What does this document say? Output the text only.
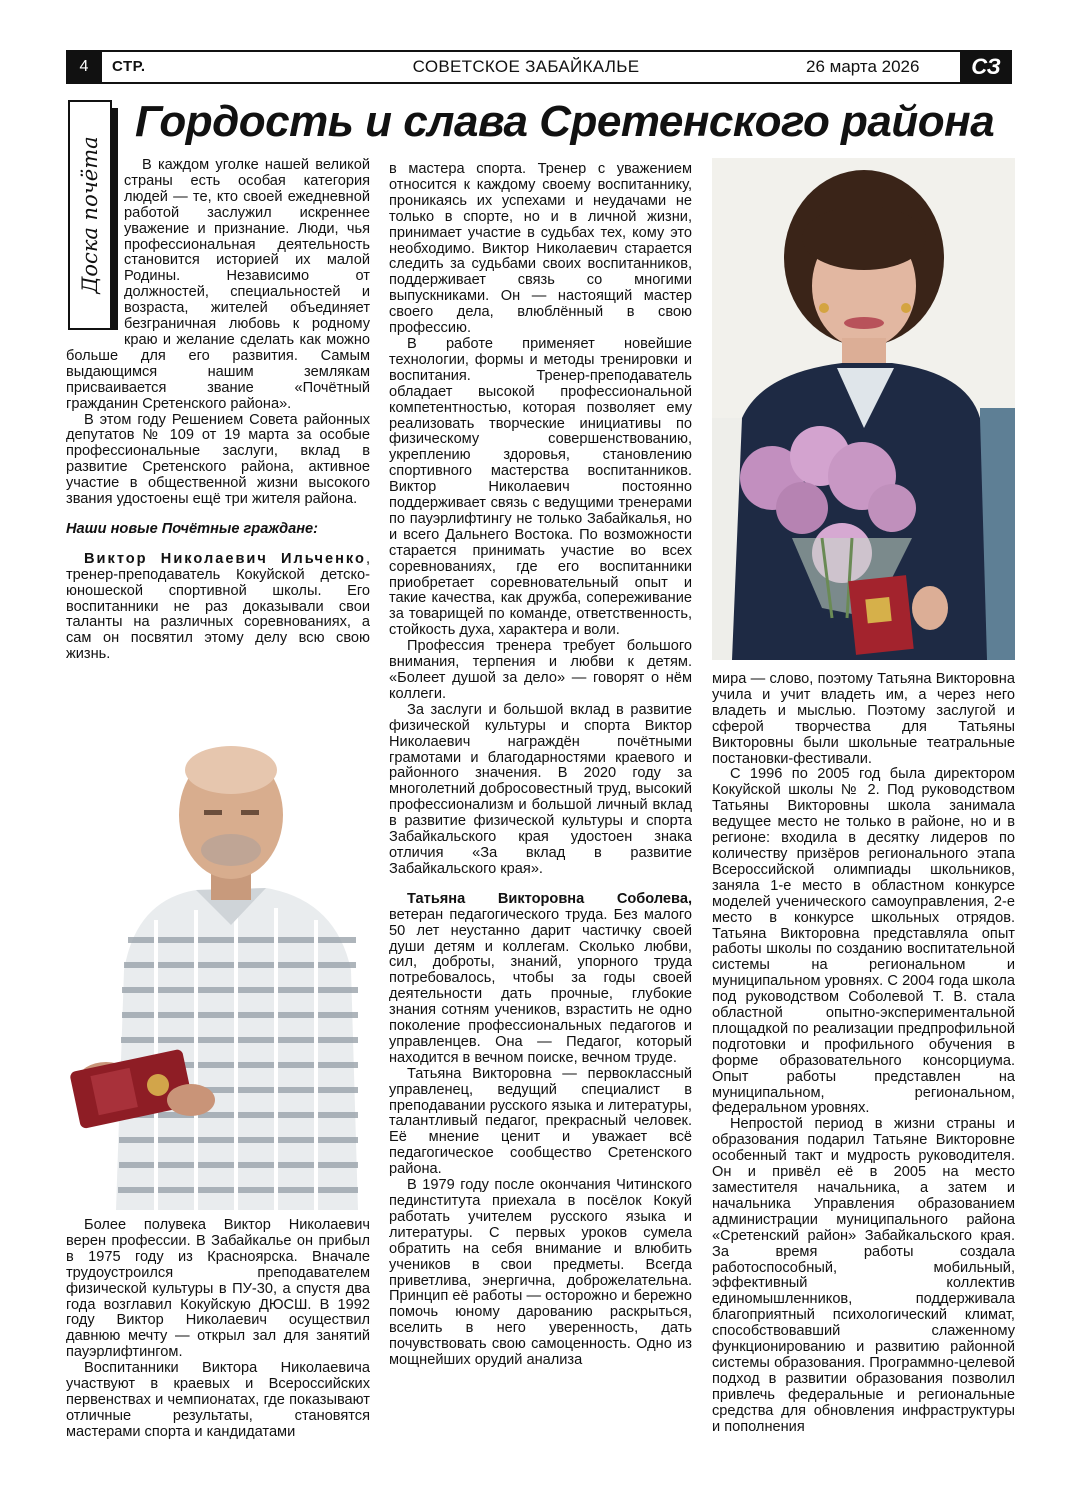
4	СТР.	СОВЕТСКОЕ ЗАБАЙКАЛЬЕ	26 марта 2026	СЗ
Доска почёта
Гордость и слава Сретенского района

В каждом уголке нашей великой страны есть особая категория людей — те, кто своей ежедневной работой заслужил искреннее уважение и признание. Люди, чья профессиональная деятельность становится историей их малой Родины. Независимо от должностей, специальностей и возраста, жителей объединяет безграничная любовь к родному краю и желание сделать как можно больше для его развития. Самым выдающимся нашим землякам присваивается звание «Почётный гражданин Сретенского района».

В этом году Решением Совета районных депутатов № 109 от 19 марта за особые профессиональные заслуги, вклад в развитие Сретенского района, активное участие в общественной жизни высокого звания удостоены ещё три жителя района.

Наши новые Почётные граждане:

Виктор Николаевич Ильченко, тренер-преподаватель Кокуйской детско-юношеской спортивной школы. Его воспитанники не раз доказывали свои таланты на различных соревнованиях, а сам он посвятил этому делу всю свою жизнь.

Более полувека Виктор Николаевич верен профессии. В Забайкалье он прибыл в 1975 году из Красноярска. Вначале трудоустроился преподавателем физической культуры в ПУ-30, а спустя два года возглавил Кокуйскую ДЮСШ. В 1992 году Виктор Николаевич осуществил давнюю мечту — открыл зал для занятий пауэрлифтингом.

Воспитанники Виктора Николаевича участвуют в краевых и Всероссийских первенствах и чемпионатах, где показывают отличные результаты, становятся мастерами спорта и кандидатами

в мастера спорта. Тренер с уважением относится к каждому своему воспитаннику, проникаясь их успехами и неудачами не только в спорте, но и в личной жизни, принимает участие в судьбах тех, кому это необходимо. Виктор Николаевич старается следить за судьбами своих воспитанников, поддерживает связь со многими выпускниками. Он — настоящий мастер своего дела, влюблённый в свою профессию.

В работе применяет новейшие технологии, формы и методы тренировки и воспитания. Тренер-преподаватель обладает высокой профессиональной компетентностью, которая позволяет ему реализовать творческие инициативы по физическому совершенствованию, укреплению здоровья, становлению спортивного мастерства воспитанников. Виктор Николаевич постоянно поддерживает связь с ведущими тренерами по пауэрлифтингу не только Забайкалья, но и всего Дальнего Востока. По возможности старается принимать участие во всех соревнованиях, где его воспитанники приобретает соревновательный опыт и такие качества, как дружба, сопереживание за товарищей по команде, ответственность, стойкость духа, характера и воли.

Профессия тренера требует большого внимания, терпения и любви к детям. «Болеет душой за дело» — говорят о нём коллеги.

За заслуги и большой вклад в развитие физической культуры и спорта Виктор Николаевич награждён почётными грамотами и благодарностями краевого и районного значения. В 2020 году за многолетний добросовестный труд, высокий профессионализм и большой личный вклад в развитие физической культуры и спорта Забайкальского края удостоен знака отличия «За вклад в развитие Забайкальского края».

Татьяна Викторовна Соболева, ветеран педагогического труда. Без малого 50 лет неустанно дарит частичку своей души детям и коллегам. Сколько любви, сил, доброты, знаний, упорного труда потребовалось, чтобы за годы своей деятельности дать прочные, глубокие знания сотням учеников, взрастить не одно поколение профессиональных педагогов и управленцев. Она — Педагог, который находится в вечном поиске, вечном труде.

Татьяна Викторовна — первоклассный управленец, ведущий специалист в преподавании русского языка и литературы, талантливый педагог, прекрасный человек. Её мнение ценит и уважает всё педагогическое сообщество Сретенского района.

В 1979 году после окончания Читинского пединститута приехала в посёлок Кокуй работать учителем русского языка и литературы. С первых уроков сумела обратить на себя внимание и влюбить учеников в свои предметы. Всегда приветлива, энергична, доброжелательна. Принцип её работы — осторожно и бережно помочь юному дарованию раскрыться, вселить в него уверенность, дать почувствовать свою самоценность. Одно из мощнейших орудий анализа

мира — слово, поэтому Татьяна Викторовна учила и учит владеть им, а через него владеть и мыслью. Поэтому заслугой и сферой творчества для Татьяны Викторовны были школьные театральные постановки-фестивали.

С 1996 по 2005 год была директором Кокуйской школы № 2. Под руководством Татьяны Викторовны школа занимала ведущее место не только в районе, но и в регионе: входила в десятку лидеров по количеству призёров регионального этапа Всероссийской олимпиады школьников, заняла 1-е место в областном конкурсе моделей ученического самоуправления, 2-е место в конкурсе школьных отрядов. Татьяна Викторовна представляла опыт работы школы по созданию воспитательной системы на региональном и муниципальном уровнях. С 2004 года школа под руководством Соболевой Т. В. стала областной опытно-экспериментальной площадкой по реализации предпрофильной подготовки и профильного обучения в форме образовательного консорциума. Опыт работы представлен на муниципальном, региональном, федеральном уровнях.

Непростой период в жизни страны и образования подарил Татьяне Викторовне особенный такт и мудрость руководителя. Он и привёл её в 2005 на место заместителя начальника, а затем и начальника Управления образованием администрации муниципального района «Сретенский район» Забайкальского края. За время работы создала работоспособный, мобильный, эффективный коллектив единомышленников, поддерживала благоприятный психологический климат, способствовавший слаженному функционированию и развитию районной системы образования. Программно-целевой подход в развитии образования позволил привлечь федеральные и региональные средства для обновления инфраструктуры и пополнения
